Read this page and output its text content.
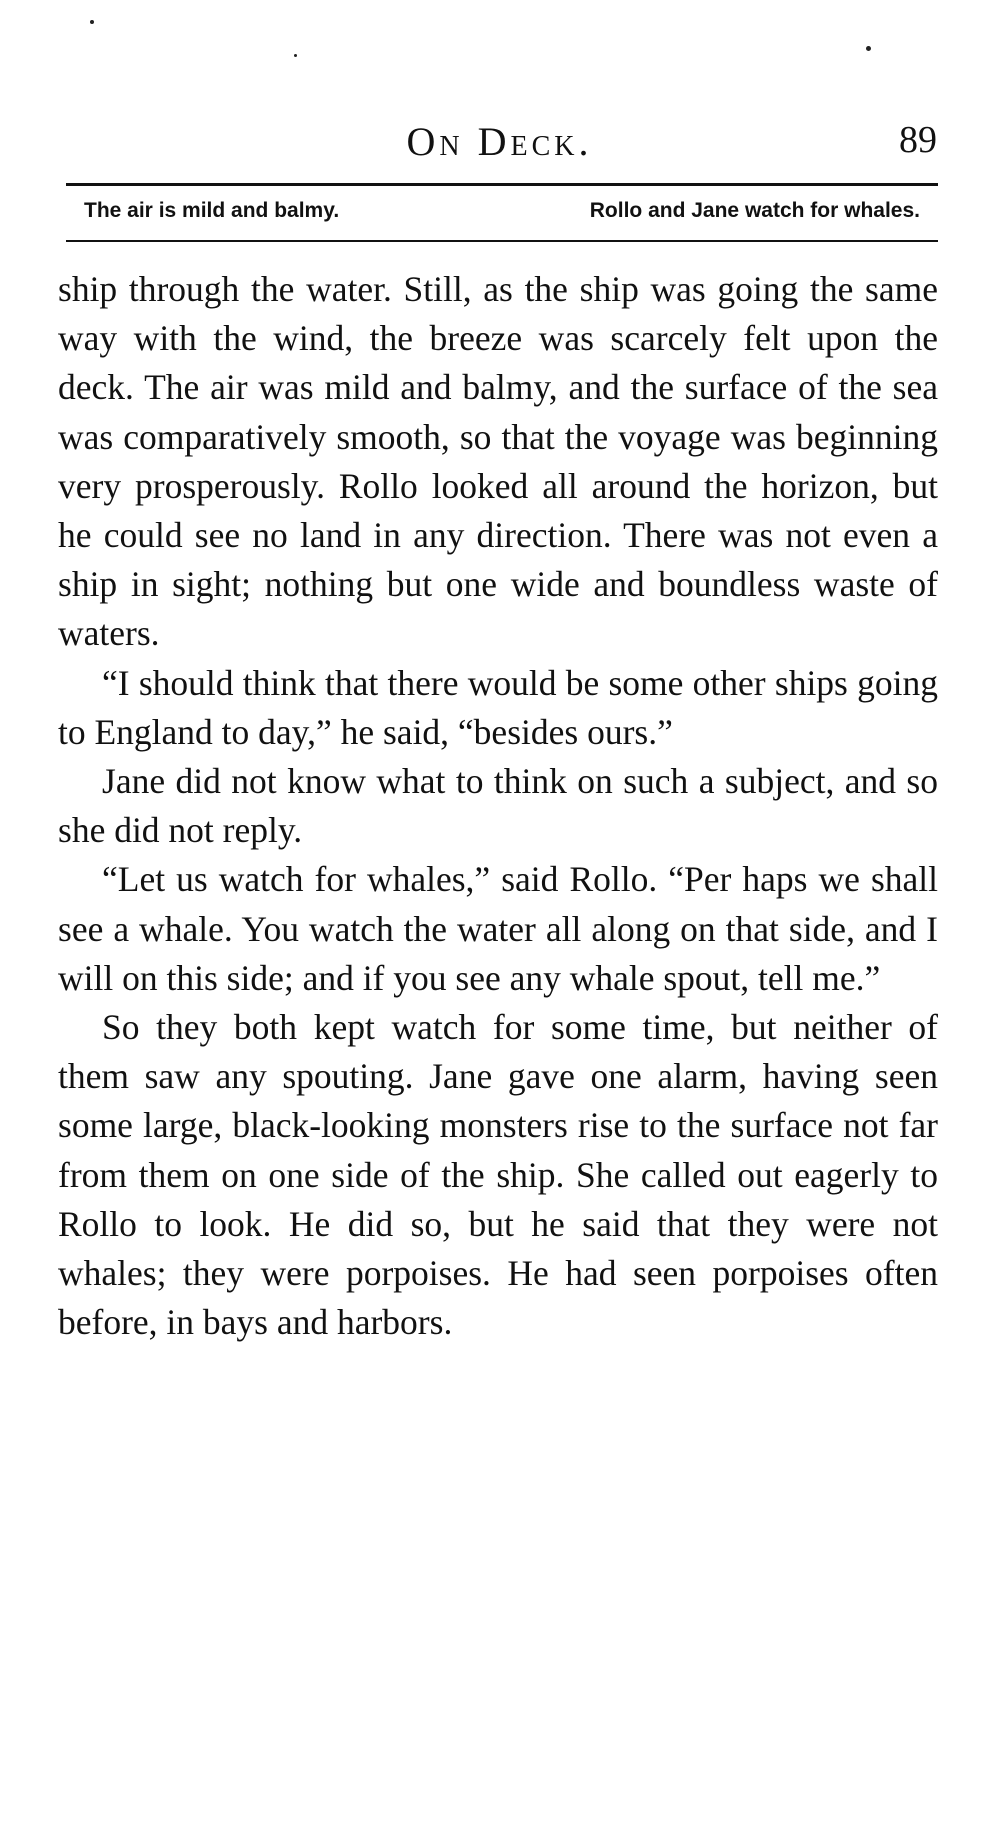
On Deck.	89
The air is mild and balmy.	Rollo and Jane watch for whales.

ship through the water. Still, as the ship was going the same way with the wind, the breeze was scarcely felt upon the deck. The air was mild and balmy, and the surface of the sea was comparatively smooth, so that the voyage was beginning very prosperously. Rollo looked all around the horizon, but he could see no land in any direction. There was not even a ship in sight; nothing but one wide and boundless waste of waters.

“I should think that there would be some other ships going to England to day,” he said, “besides ours.”

Jane did not know what to think on such a subject, and so she did not reply.

“Let us watch for whales,” said Rollo. “Per haps we shall see a whale. You watch the water all along on that side, and I will on this side; and if you see any whale spout, tell me.”

So they both kept watch for some time, but neither of them saw any spouting. Jane gave one alarm, having seen some large, black-looking monsters rise to the surface not far from them on one side of the ship. She called out eagerly to Rollo to look. He did so, but he said that they were not whales; they were porpoises. He had seen porpoises often before, in bays and harbors.
